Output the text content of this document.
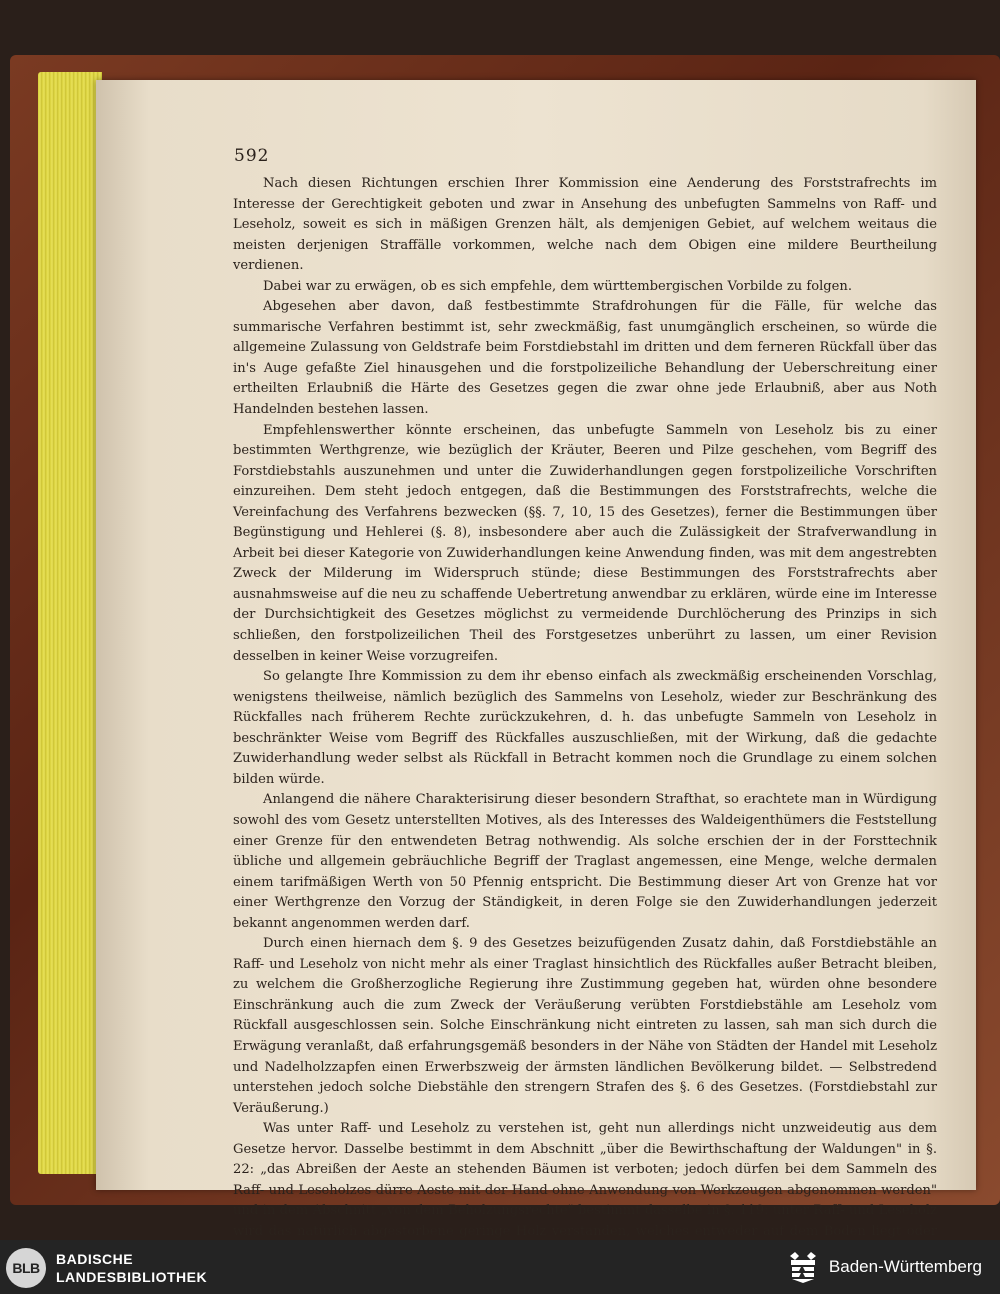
592

Nach diesen Richtungen erschien Ihrer Kommission eine Aenderung des Forststrafrechts im Interesse der Gerechtigkeit geboten und zwar in Ansehung des unbefugten Sammelns von Raff- und Leseholz, soweit es sich in mäßigen Grenzen hält, als demjenigen Gebiet, auf welchem weitaus die meisten derjenigen Straffälle vorkommen, welche nach dem Obigen eine mildere Beurtheilung verdienen.

Dabei war zu erwägen, ob es sich empfehle, dem württembergischen Vorbilde zu folgen.

Abgesehen aber davon, daß festbestimmte Strafdrohungen für die Fälle, für welche das summarische Verfahren bestimmt ist, sehr zweckmäßig, fast unumgänglich erscheinen, so würde die allgemeine Zulassung von Geldstrafe beim Forstdiebstahl im dritten und dem ferneren Rückfall über das in's Auge gefaßte Ziel hinausgehen und die forstpolizeiliche Behandlung der Ueberschreitung einer ertheilten Erlaubniß die Härte des Gesetzes gegen die zwar ohne jede Erlaubniß, aber aus Noth Handelnden bestehen lassen.

Empfehlenswerther könnte erscheinen, das unbefugte Sammeln von Leseholz bis zu einer bestimmten Werthgrenze, wie bezüglich der Kräuter, Beeren und Pilze geschehen, vom Begriff des Forstdiebstahls auszunehmen und unter die Zuwiderhandlungen gegen forstpolizeiliche Vorschriften einzureihen. Dem steht jedoch entgegen, daß die Bestimmungen des Forststrafrechts, welche die Vereinfachung des Verfahrens bezwecken (§§. 7, 10, 15 des Gesetzes), ferner die Bestimmungen über Begünstigung und Hehlerei (§. 8), insbesondere aber auch die Zulässigkeit der Strafverwandlung in Arbeit bei dieser Kategorie von Zuwiderhandlungen keine Anwendung finden, was mit dem angestrebten Zweck der Milderung im Widerspruch stünde; diese Bestimmungen des Forststrafrechts aber ausnahmsweise auf die neu zu schaffende Uebertretung anwendbar zu erklären, würde eine im Interesse der Durchsichtigkeit des Gesetzes möglichst zu vermeidende Durchlöcherung des Prinzips in sich schließen, den forstpolizeilichen Theil des Forstgesetzes unberührt zu lassen, um einer Revision desselben in keiner Weise vorzugreifen.

So gelangte Ihre Kommission zu dem ihr ebenso einfach als zweckmäßig erscheinenden Vorschlag, wenigstens theilweise, nämlich bezüglich des Sammelns von Leseholz, wieder zur Beschränkung des Rückfalles nach früherem Rechte zurückzukehren, d. h. das unbefugte Sammeln von Leseholz in beschränkter Weise vom Begriff des Rückfalles auszuschließen, mit der Wirkung, daß die gedachte Zuwiderhandlung weder selbst als Rückfall in Betracht kommen noch die Grundlage zu einem solchen bilden würde.

Anlangend die nähere Charakterisirung dieser besondern Strafthat, so erachtete man in Würdigung sowohl des vom Gesetz unterstellten Motives, als des Interesses des Waldeigenthümers die Feststellung einer Grenze für den entwendeten Betrag nothwendig. Als solche erschien der in der Forsttechnik übliche und allgemein gebräuchliche Begriff der Traglast angemessen, eine Menge, welche dermalen einem tarifmäßigen Werth von 50 Pfennig entspricht. Die Bestimmung dieser Art von Grenze hat vor einer Werthgrenze den Vorzug der Ständigkeit, in deren Folge sie den Zuwiderhandlungen jederzeit bekannt angenommen werden darf.

Durch einen hiernach dem §. 9 des Gesetzes beizufügenden Zusatz dahin, daß Forstdiebstähle an Raff- und Leseholz von nicht mehr als einer Traglast hinsichtlich des Rückfalles außer Betracht bleiben, zu welchem die Großherzogliche Regierung ihre Zustimmung gegeben hat, würden ohne besondere Einschränkung auch die zum Zweck der Veräußerung verübten Forstdiebstähle am Leseholz vom Rückfall ausgeschlossen sein. Solche Einschränkung nicht eintreten zu lassen, sah man sich durch die Erwägung veranlaßt, daß erfahrungsgemäß besonders in der Nähe von Städten der Handel mit Leseholz und Nadelholzzapfen einen Erwerbszweig der ärmsten ländlichen Bevölkerung bildet. — Selbstredend unterstehen jedoch solche Diebstähle den strengern Strafen des §. 6 des Gesetzes. (Forstdiebstahl zur Veräußerung.)

Was unter Raff- und Leseholz zu verstehen ist, geht nun allerdings nicht unzweideutig aus dem Gesetze hervor. Dasselbe bestimmt in dem Abschnitt „über die Bewirthschaftung der Waldungen" in §. 22: „das Abreißen der Aeste an stehenden Bäumen ist verboten; jedoch dürfen bei dem Sammeln des Raff- und Leseholzes dürre Aeste mit der Hand ohne Anwendung von Werkzeugen abgenommen werden" und in dem Abschnitt „von dem Beholzungsrechte" bestimmt dasselbe in §. 119: unter Raff- und Leseholz wird das natürlich abgestorbene geringe Holz verstanden, welches entweder auf dem Boden liegt oder

BLB
BADISCHE
LANDESBIBLIOTHEK
Baden-Württemberg
